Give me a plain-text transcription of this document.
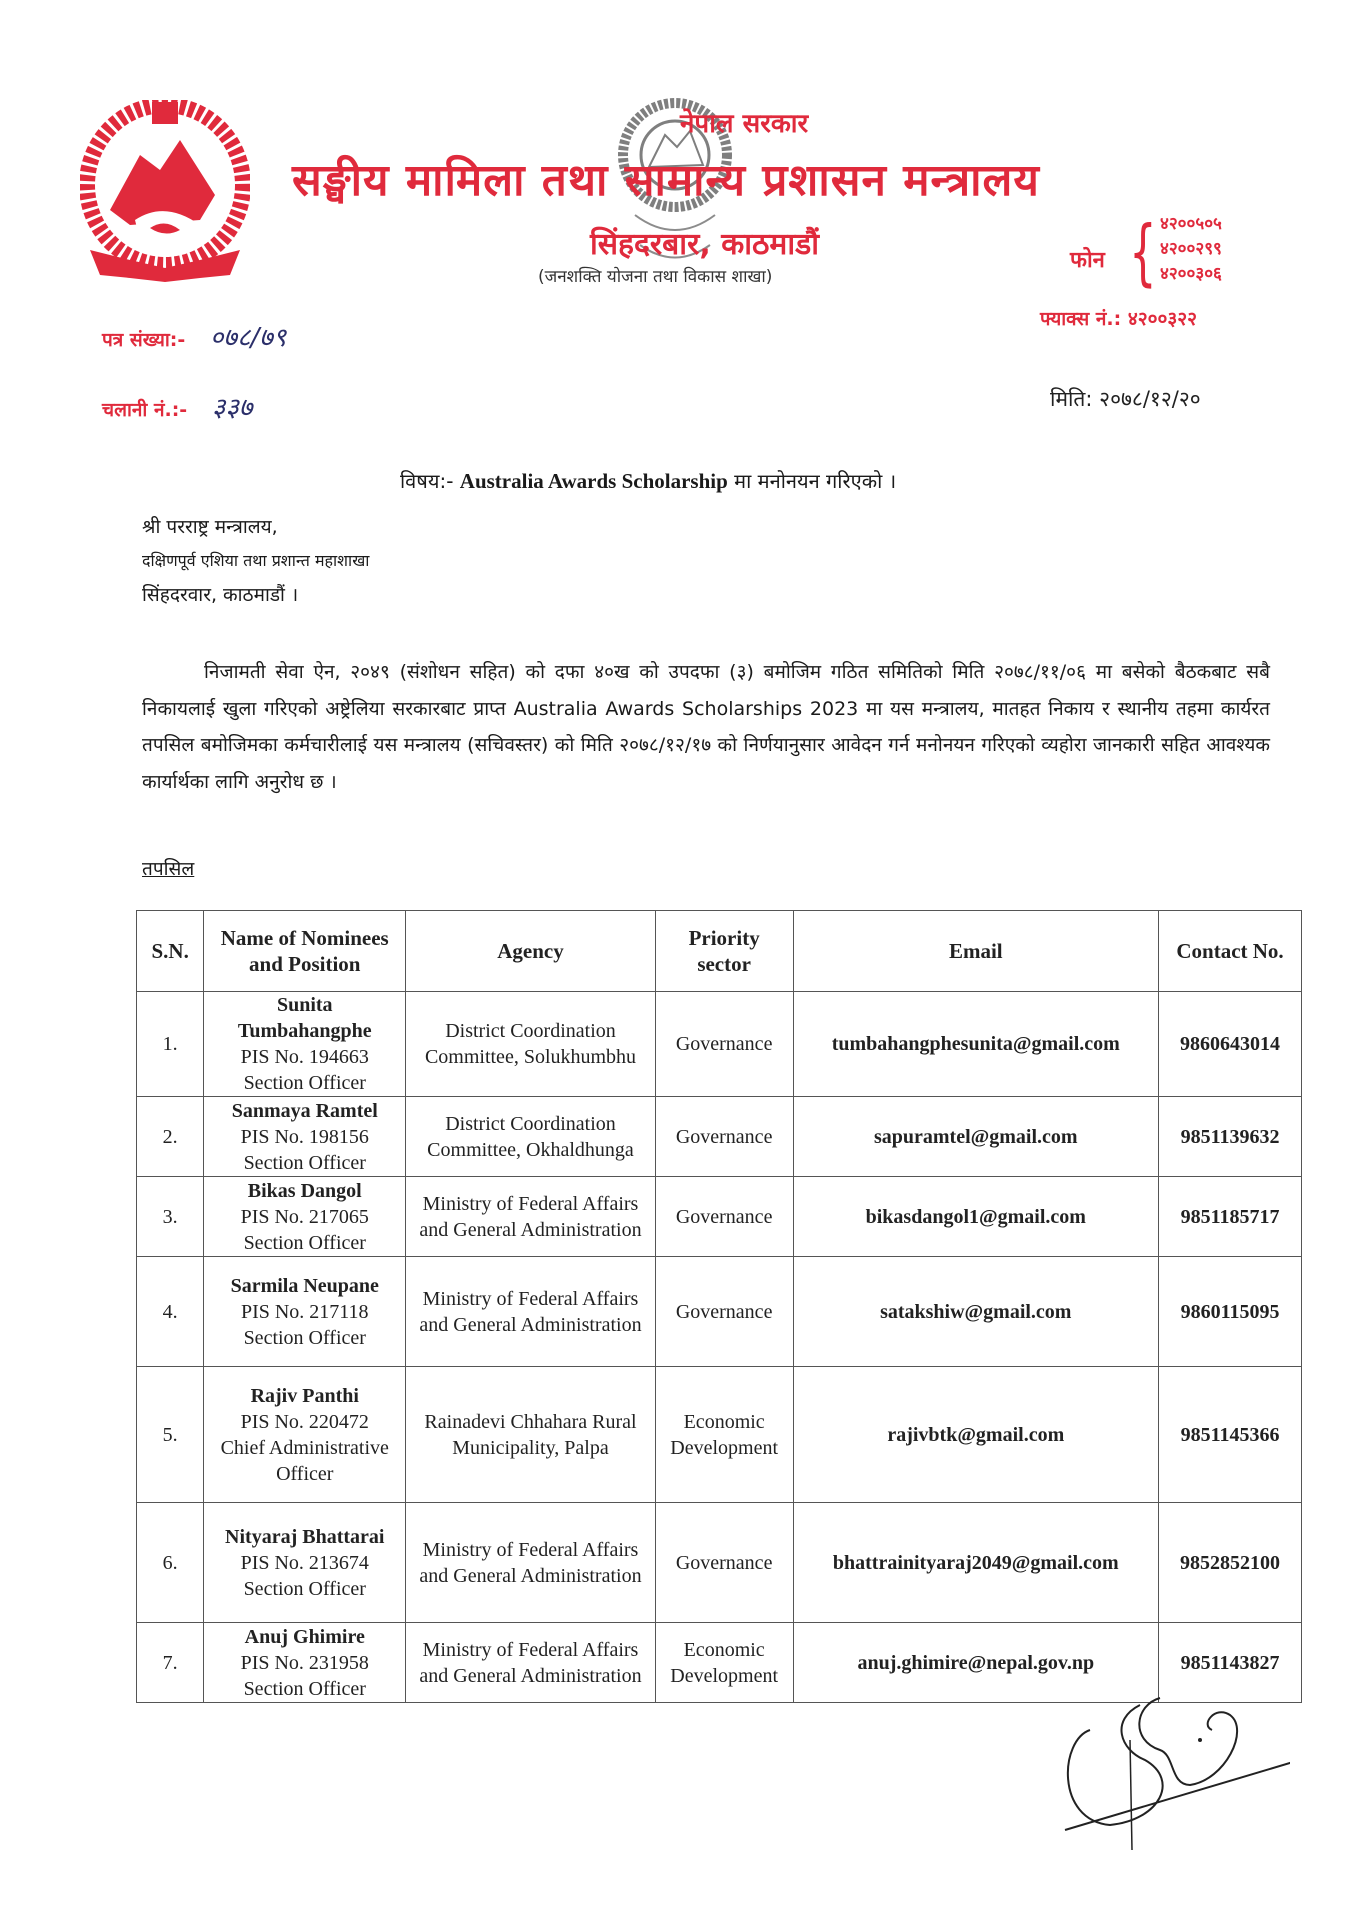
नेपाल सरकार
सङ्घीय मामिला तथा सामान्य प्रशासन मन्त्रालय
सिंहदरबार, काठमाडौं
(जनशक्ति योजना तथा विकास शाखा)
फोन { ४२००५०५
४२००२९९
४२००३०६
फ्याक्स नं.: ४२००३२२
पत्र संख्या:- ०७८/७९
चलानी नं.:- ३३७	मिति: २०७८/१२/२०
विषय:- Australia Awards Scholarship मा मनोनयन गरिएको ।
श्री परराष्ट्र मन्त्रालय,
दक्षिणपूर्व एशिया तथा प्रशान्त महाशाखा
सिंहदरवार, काठमाडौं ।
निजामती सेवा ऐन, २०४९ (संशोधन सहित) को दफा ४०ख को उपदफा (३) बमोजिम गठित समितिको मिति २०७८/११/०६ मा बसेको बैठकबाट सबै निकायलाई खुला गरिएको अष्ट्रेलिया सरकारबाट प्राप्त Australia Awards Scholarships 2023 मा यस मन्त्रालय, मातहत निकाय र स्थानीय तहमा कार्यरत तपसिल बमोजिमका कर्मचारीलाई यस मन्त्रालय (सचिवस्तर) को मिति २०७८/१२/१७ को निर्णयानुसार आवेदन गर्न मनोनयन गरिएको व्यहोरा जानकारी सहित आवश्यक कार्यार्थका लागि अनुरोध छ ।
तपसिल
S.N.	Name of Nominees and Position	Agency	Priority sector	Email	Contact No.
1.	Sunita Tumbahangphe
PIS No. 194663
Section Officer	District Coordination Committee, Solukhumbhu	Governance	tumbahangphesunita@gmail.com	9860643014
2.	Sanmaya Ramtel
PIS No. 198156
Section Officer	District Coordination Committee, Okhaldhunga	Governance	sapuramtel@gmail.com	9851139632
3.	Bikas Dangol
PIS No. 217065
Section Officer	Ministry of Federal Affairs and General Administration	Governance	bikasdangol1@gmail.com	9851185717
4.	Sarmila Neupane
PIS No. 217118
Section Officer	Ministry of Federal Affairs and General Administration	Governance	satakshiw@gmail.com	9860115095
5.	Rajiv Panthi
PIS No. 220472
Chief Administrative Officer	Rainadevi Chhahara Rural Municipality, Palpa	Economic Development	rajivbtk@gmail.com	9851145366
6.	Nityaraj Bhattarai
PIS No. 213674
Section Officer	Ministry of Federal Affairs and General Administration	Governance	bhattrainityaraj2049@gmail.com	9852852100
7.	Anuj Ghimire
PIS No. 231958
Section Officer	Ministry of Federal Affairs and General Administration	Economic Development	anuj.ghimire@nepal.gov.np	9851143827
